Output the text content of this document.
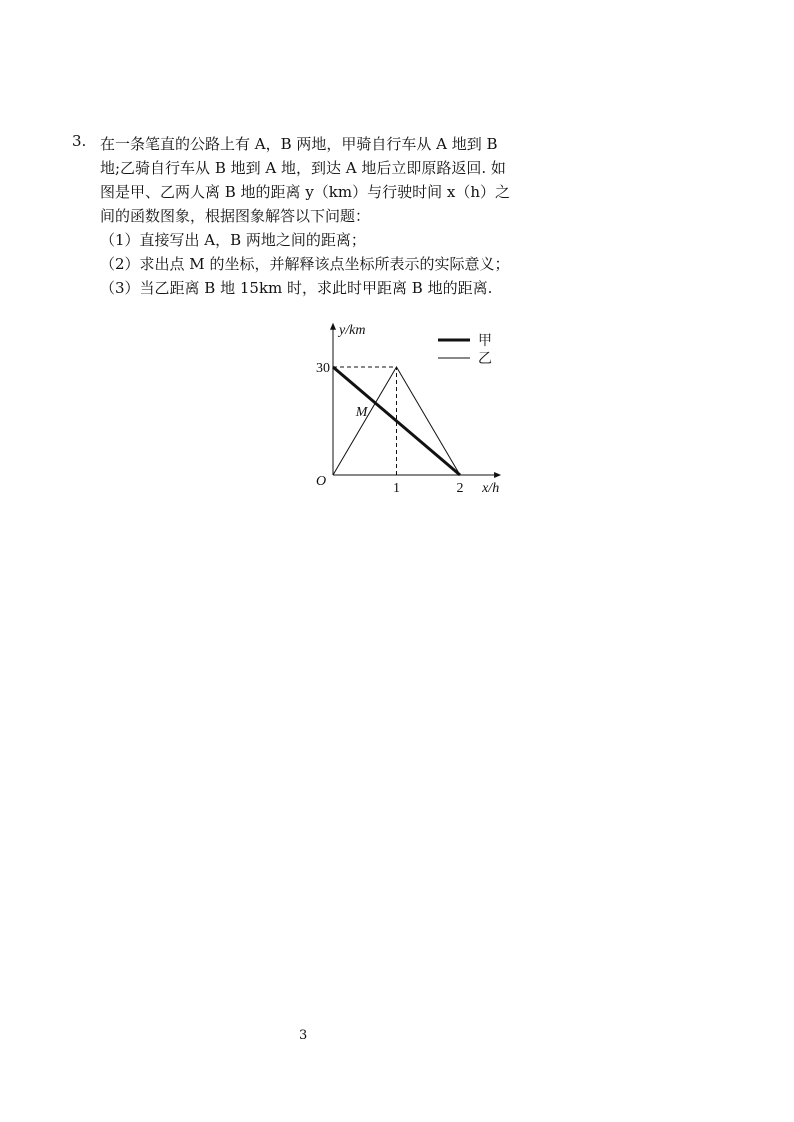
3. 在一条笔直的公路上有 A，B 两地，甲骑自行车从 A 地到 B
地;乙骑自行车从 B 地到 A 地，到达 A 地后立即原路返回. 如
图是甲、乙两人离 B 地的距离 y（km）与行驶时间 x（h）之
间的函数图象，根据图象解答以下问题：
（1）直接写出 A，B 两地之间的距离；
（2）求出点 M 的坐标，并解释该点坐标所表示的实际意义；
（3）当乙距离 B 地 15km 时，求此时甲距离 B 地的距离.
y/km
x/h
O
30
1	2
M
甲
乙
3
